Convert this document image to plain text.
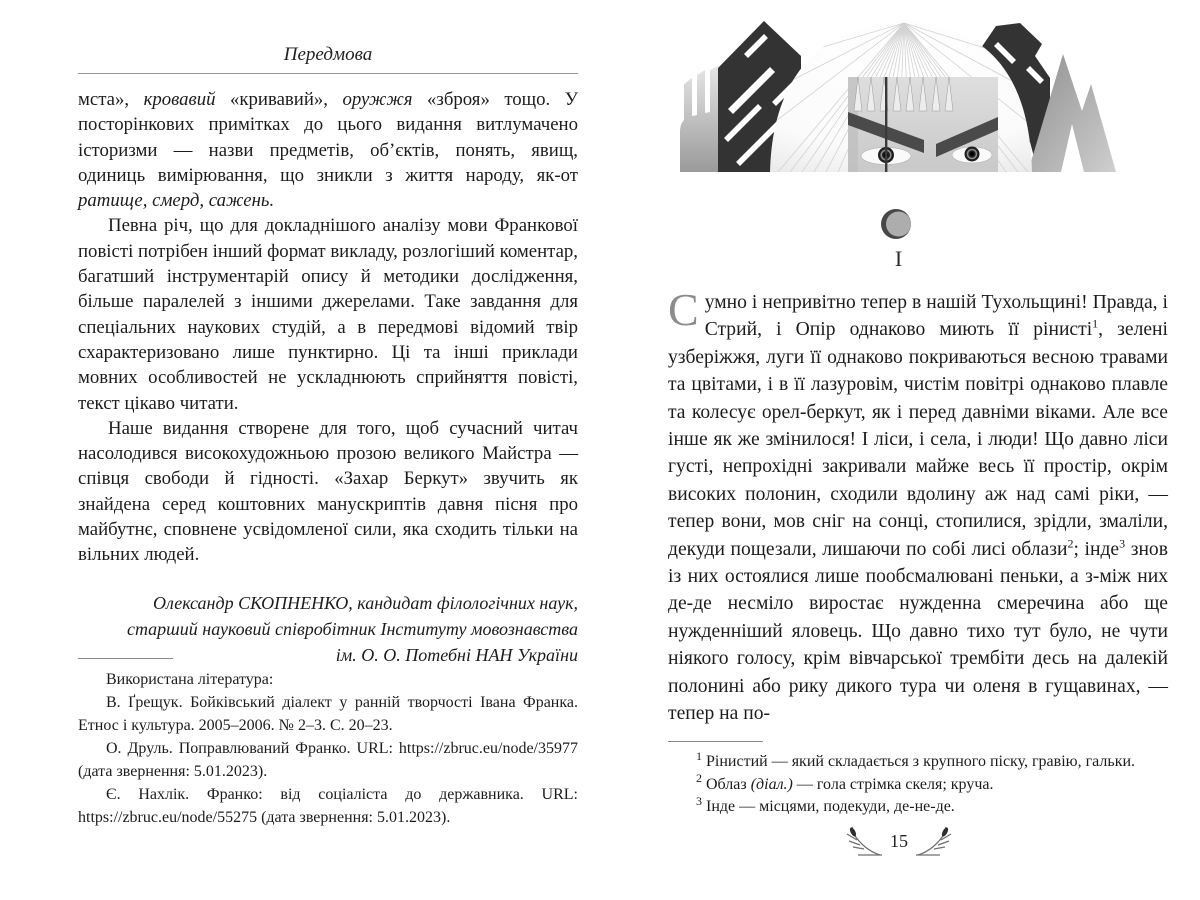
Передмова

мста», кровавий «кривавий», оружжя «зброя» тощо. У посторінкових примітках до цього видання витлумачено історизми — назви предметів, об’єктів, понять, явищ, одиниць вимірювання, що зникли з життя народу, як-от ратище, смерд, сажень.

Певна річ, що для докладнішого аналізу мови Франкової повісті потрібен інший формат викладу, розлогіший коментар, багатший інструментарій опису й методики дослідження, більше паралелей з іншими джерелами. Таке завдання для спеціальних наукових студій, а в передмові відомий твір схарактеризовано лише пунктирно. Ці та інші приклади мовних особливостей не ускладнюють сприйняття повісті, текст цікаво читати.

Наше видання створене для того, щоб сучасний читач насолодився високохудожньою прозою великого Майстра — співця свободи й гідності. «Захар Беркут» звучить як знайдена серед коштовних манускриптів давня пісня про майбутнє, сповнене усвідомленої сили, яка сходить тільки на вільних людей.

Олександр СКОПНЕНКО, кандидат філологічних наук,
старший науковий співробітник Інституту мовознавства
ім. О. О. Потебні НАН України

Використана література:

В. Ґрещук. Бойківський діалект у ранній творчості Івана Франка. Етнос і культура. 2005–2006. № 2–3. С. 20–23.

О. Друль. Поправлюваний Франко. URL: https://zbruc.eu/node/35977 (дата звернення: 5.01.2023).

Є. Нахлік. Франко: від соціаліста до державника. URL: https://zbruc.eu/node/55275 (дата звернення: 5.01.2023).

I

Сумно і непривітно тепер в нашій Тухольщині! Правда, і Стрий, і Опір однаково миють її рінисті$^1$, зелені узберіжжя, луги її однаково покриваються весною травами та цвітами, і в її лазуровім, чистім повітрі однаково плавле та колесує орел-беркут, як і перед давніми віками. Але все інше як же змінилося! І ліси, і села, і люди! Що давно ліси густі, непрохідні закривали майже весь її простір, окрім високих полонин, сходили вдолину аж над самі ріки, — тепер вони, мов сніг на сонці, стопилися, зрідли, змаліли, декуди пощезали, лишаючи по собі лисі облази$^2$; інде$^3$ знов із них остоялися лише пообсмалювані пеньки, а з-між них де-де несміло виростає нужденна смеречина або ще нужденніший яловець. Що давно тихо тут було, не чути ніякого голосу, крім вівчарської трембіти десь на далекій полонині або рику дикого тура чи оленя в гущавинах, — тепер на по-

$^1$ Рінистий — який складається з крупного піску, гравію, гальки.

$^2$ Облаз (діал.) — гола стрімка скеля; круча.

$^3$ Інде — місцями, подекуди, де-не-де.

15
